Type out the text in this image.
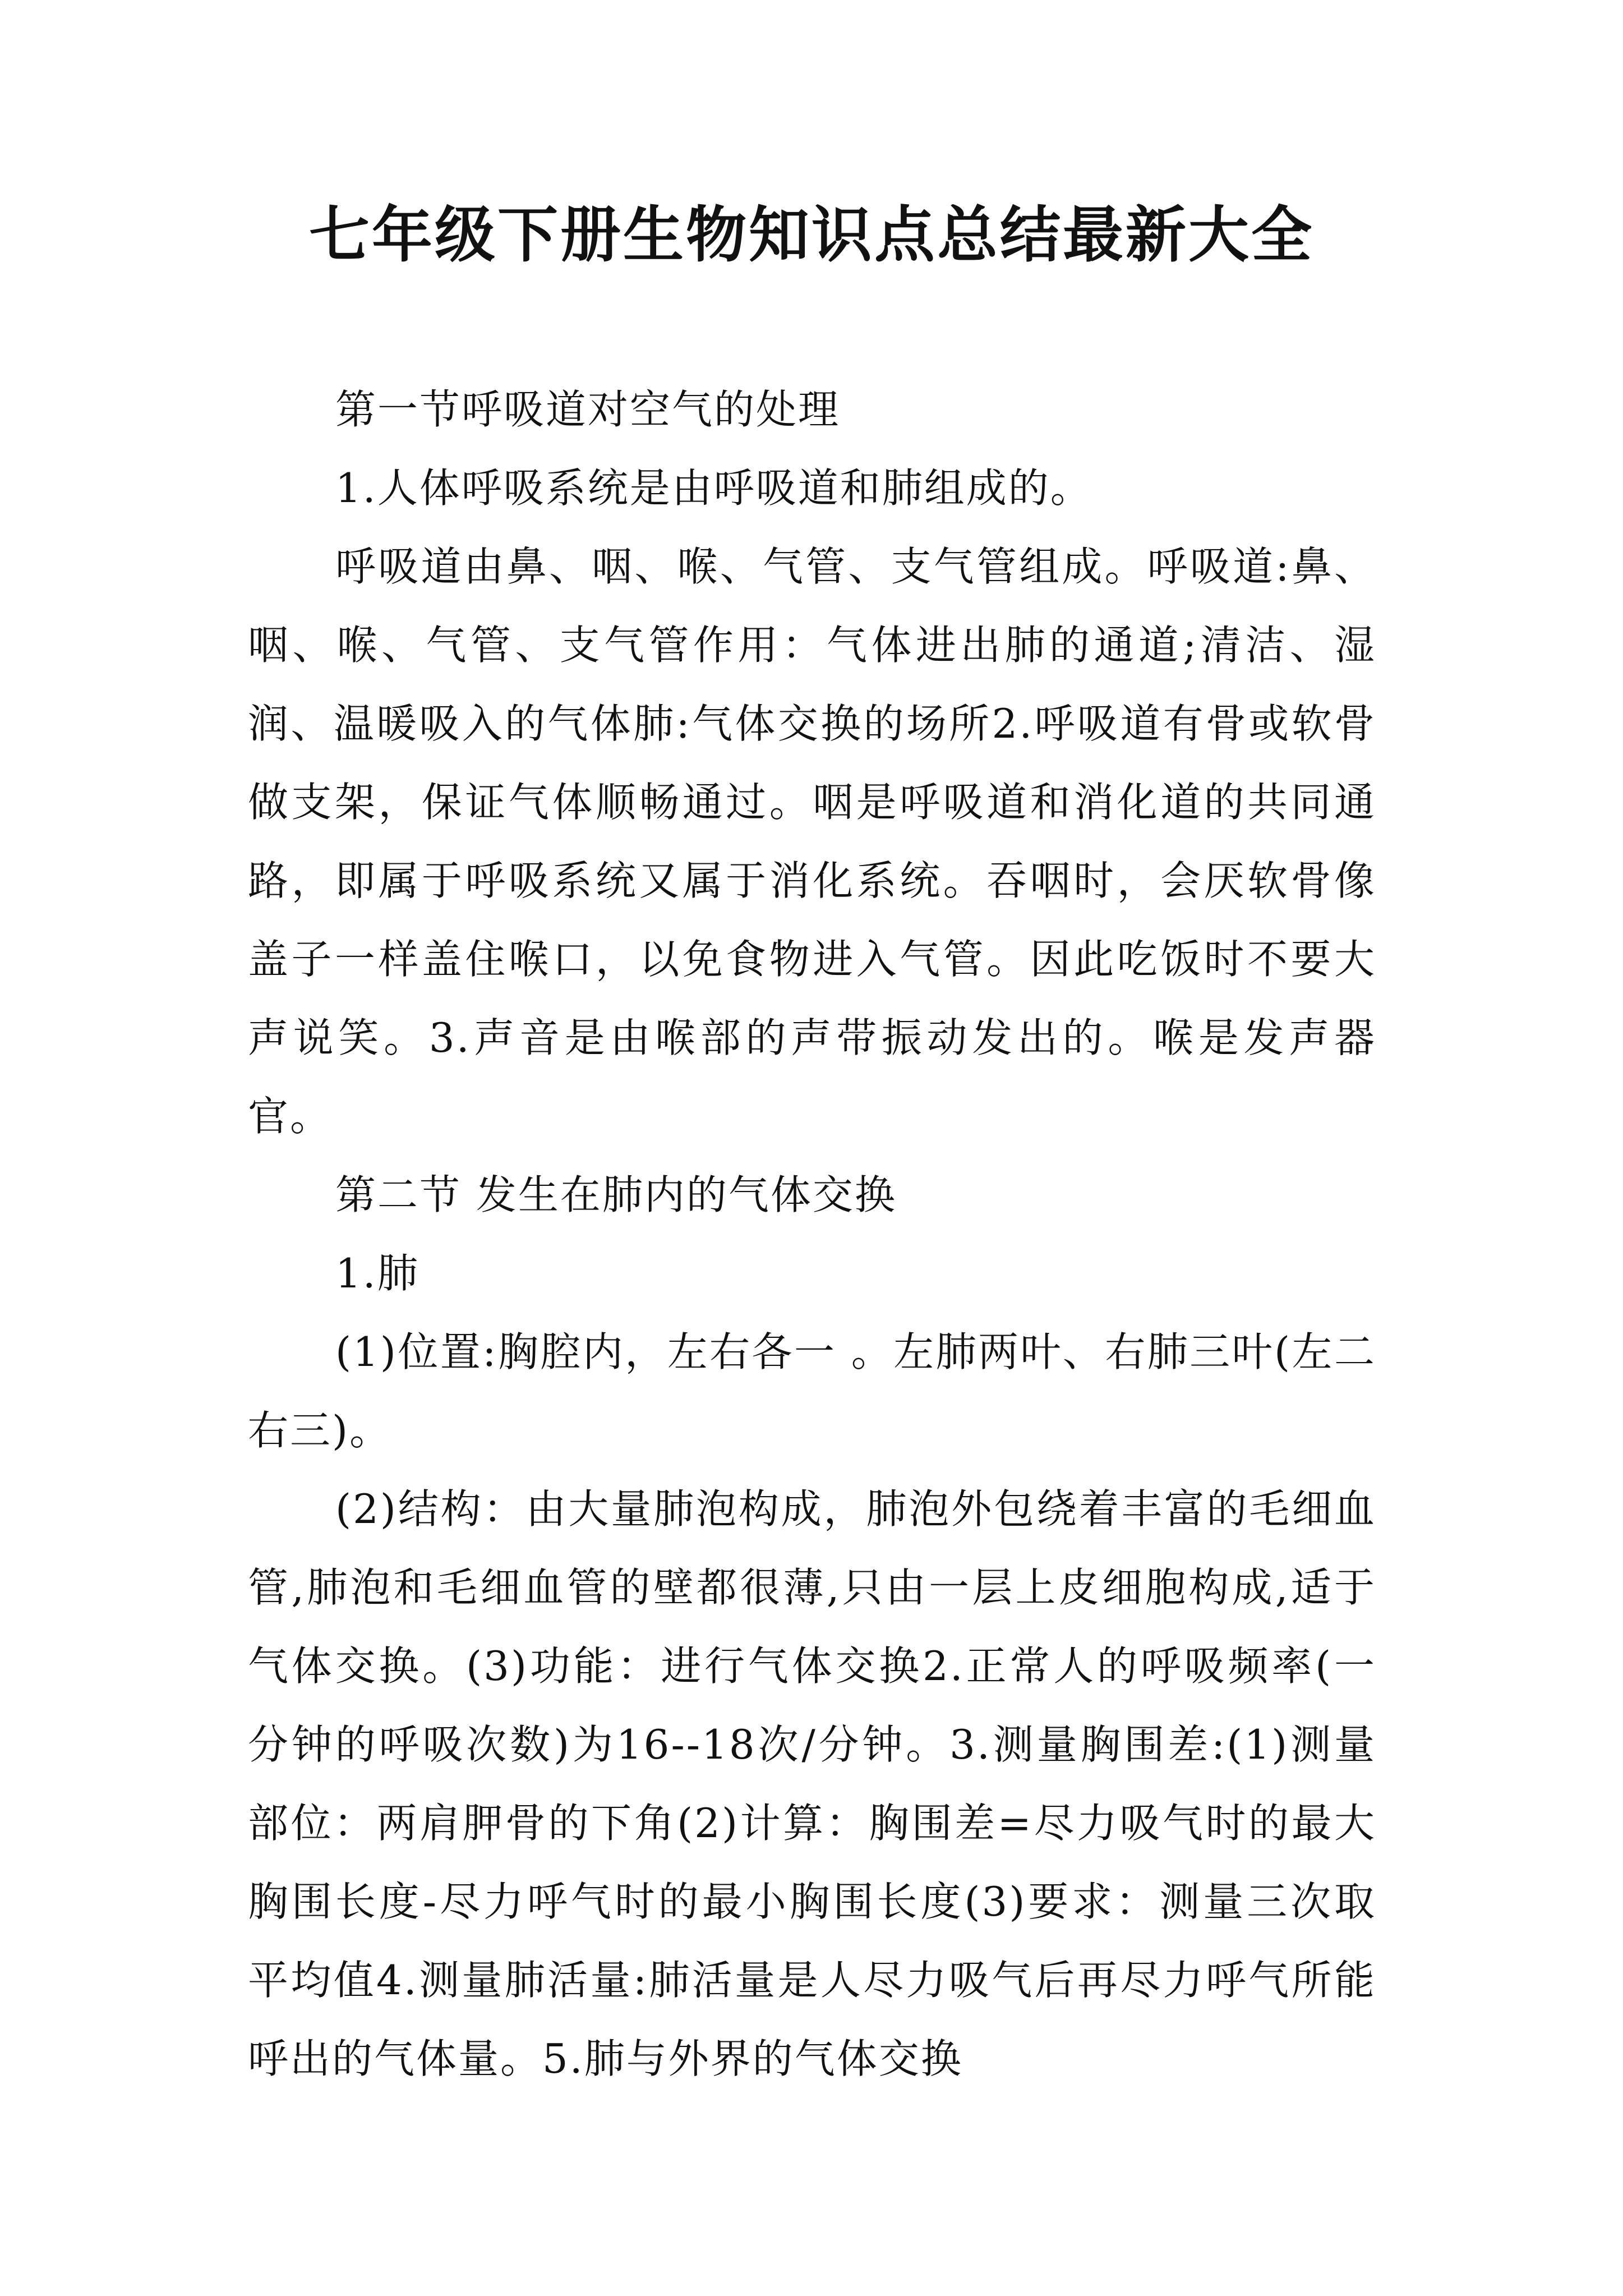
七年级下册生物知识点总结最新大全

第一节呼吸道对空气的处理

1.人体呼吸系统是由呼吸道和肺组成的。

呼吸道由鼻、咽、喉、气管、支气管组成。呼吸道:鼻、咽、喉、气管、支气管作用：气体进出肺的通道;清洁、湿润、温暖吸入的气体肺:气体交换的场所2.呼吸道有骨或软骨做支架，保证气体顺畅通过。咽是呼吸道和消化道的共同通路，即属于呼吸系统又属于消化系统。吞咽时，会厌软骨像盖子一样盖住喉口，以免食物进入气管。因此吃饭时不要大声说笑。3.声音是由喉部的声带振动发出的。喉是发声器官。

第二节 发生在肺内的气体交换

1.肺

(1)位置:胸腔内，左右各一 。左肺两叶、右肺三叶(左二右三)。

(2)结构：由大量肺泡构成，肺泡外包绕着丰富的毛细血管,肺泡和毛细血管的壁都很薄,只由一层上皮细胞构成,适于气体交换。(3)功能：进行气体交换2.正常人的呼吸频率(一分钟的呼吸次数)为16--18次/分钟。3.测量胸围差:(1)测量部位：两肩胛骨的下角(2)计算：胸围差=尽力吸气时的最大胸围长度-尽力呼气时的最小胸围长度(3)要求：测量三次取平均值4.测量肺活量:肺活量是人尽力吸气后再尽力呼气所能呼出的气体量。5.肺与外界的气体交换
